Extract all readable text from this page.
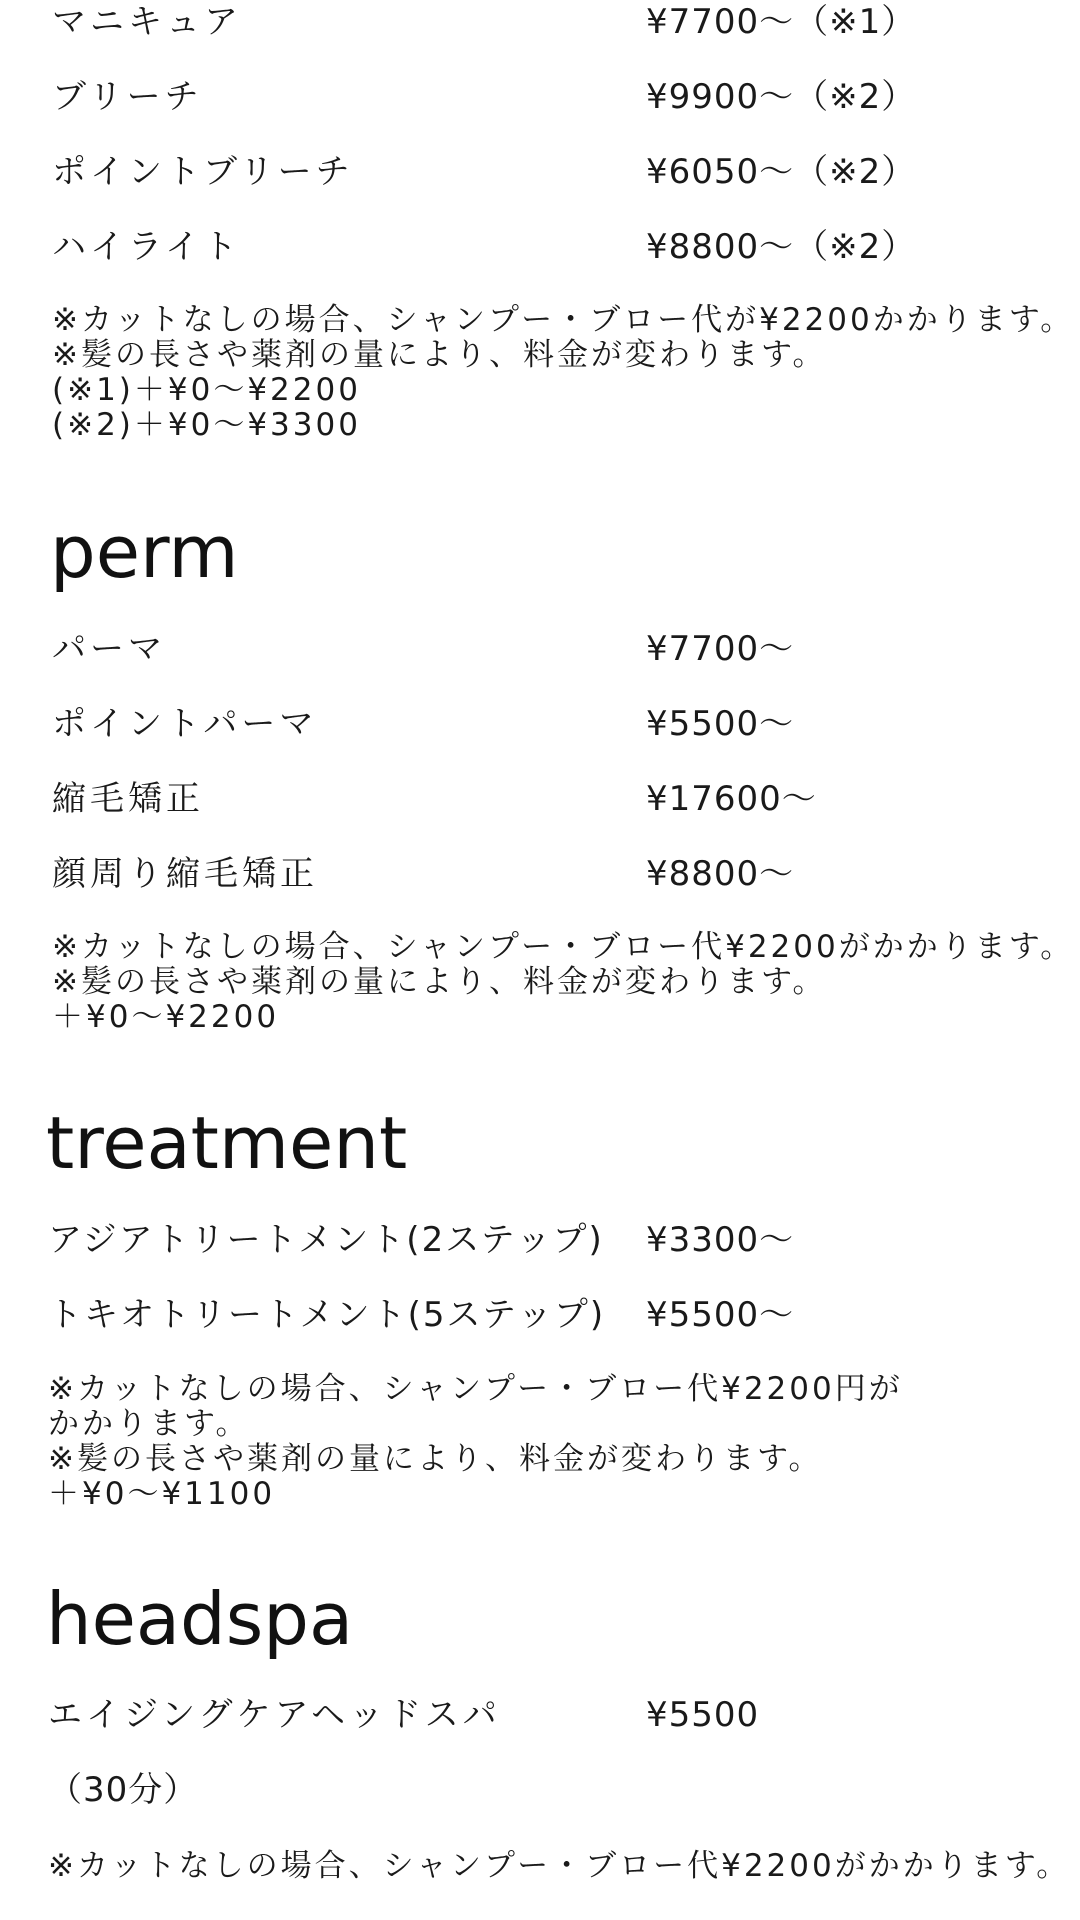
マニキュア	¥7700～（※1）
ブリーチ	¥9900～（※2）
ポイントブリーチ	¥6050～（※2）
ハイライト	¥8800～（※2）
※カットなしの場合、シャンプー・ブロー代が¥2200かかります。
※髪の長さや薬剤の量により、料金が変わります。
(※1)＋¥0～¥2200
(※2)＋¥0～¥3300
perm
パーマ	¥7700～
ポイントパーマ	¥5500～
縮毛矯正	¥17600～
顔周り縮毛矯正	¥8800～
※カットなしの場合、シャンプー・ブロー代¥2200がかかります。
※髪の長さや薬剤の量により、料金が変わります。
＋¥0～¥2200
treatment
アジアトリートメント(2ステップ) ¥3300～
トキオトリートメント(5ステップ) ¥5500～
※カットなしの場合、シャンプー・ブロー代¥2200円が
かかります。
※髪の長さや薬剤の量により、料金が変わります。
＋¥0～¥1100
headspa
エイジングケアヘッドスパ	¥5500
（30分）
※カットなしの場合、シャンプー・ブロー代¥2200がかかります。
